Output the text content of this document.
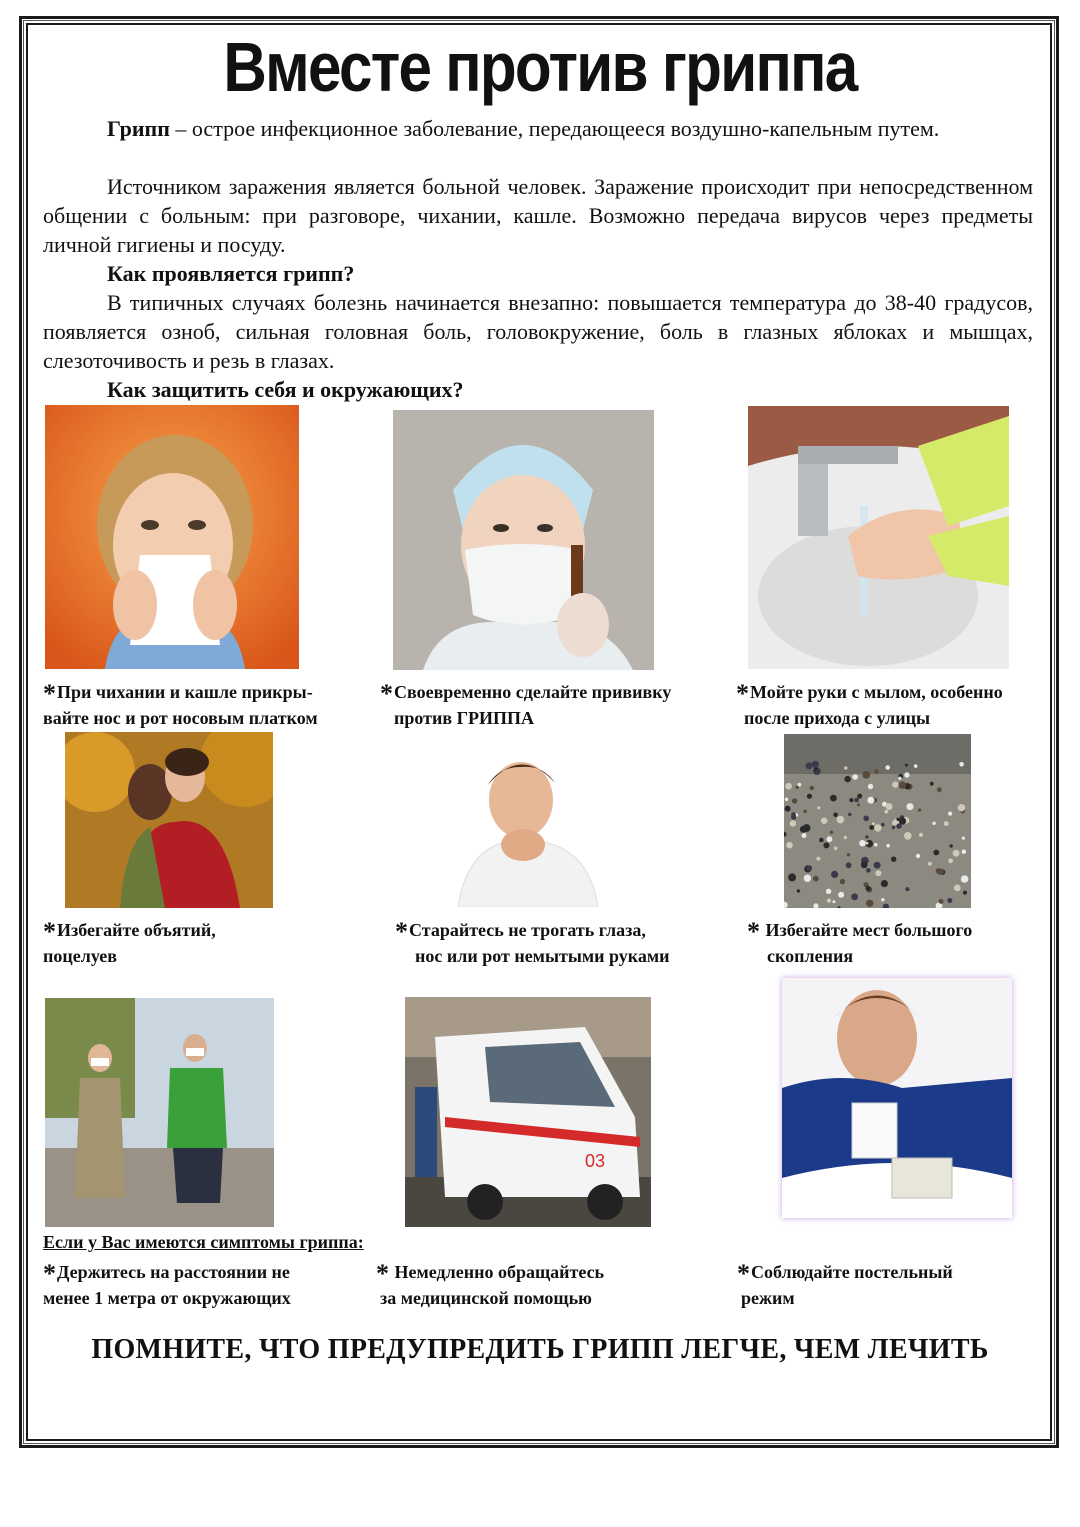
Вместе против гриппа
Грипп – острое инфекционное заболевание, передающееся воздушно-капельным путем.
Источником заражения является больной человек. Заражение происходит при непосредственном общении с больным: при разговоре, чихании, кашле. Возможно передача вирусов через предметы личной гигиены и посуду.
Как проявляется грипп?
В типичных случаях болезнь начинается внезапно: повышается температура до 38-40 градусов, появляется озноб, сильная головная боль, головокружение, боль в глазных яблоках и мышцах, слезоточивость и резь в глазах.
Как защитить себя и окружающих?
*При чихании и кашле прикры-
вайте нос и рот носовым платком
*Своевременно сделайте прививку
против ГРИППА
*Мойте руки с мылом, особенно
после прихода с улицы
*Избегайте объятий,
поцелуев
*Старайтесь не трогать глаза,
нос или рот немытыми руками
* Избегайте мест большого
скопления
03
Если у Вас имеются симптомы гриппа:
*Держитесь на расстоянии не
менее 1 метра от окружающих
* Немедленно обращайтесь
за медицинской помощью
*Соблюдайте постельный
режим
ПОМНИТЕ, ЧТО ПРЕДУПРЕДИТЬ ГРИПП ЛЕГЧЕ, ЧЕМ ЛЕЧИТЬ
